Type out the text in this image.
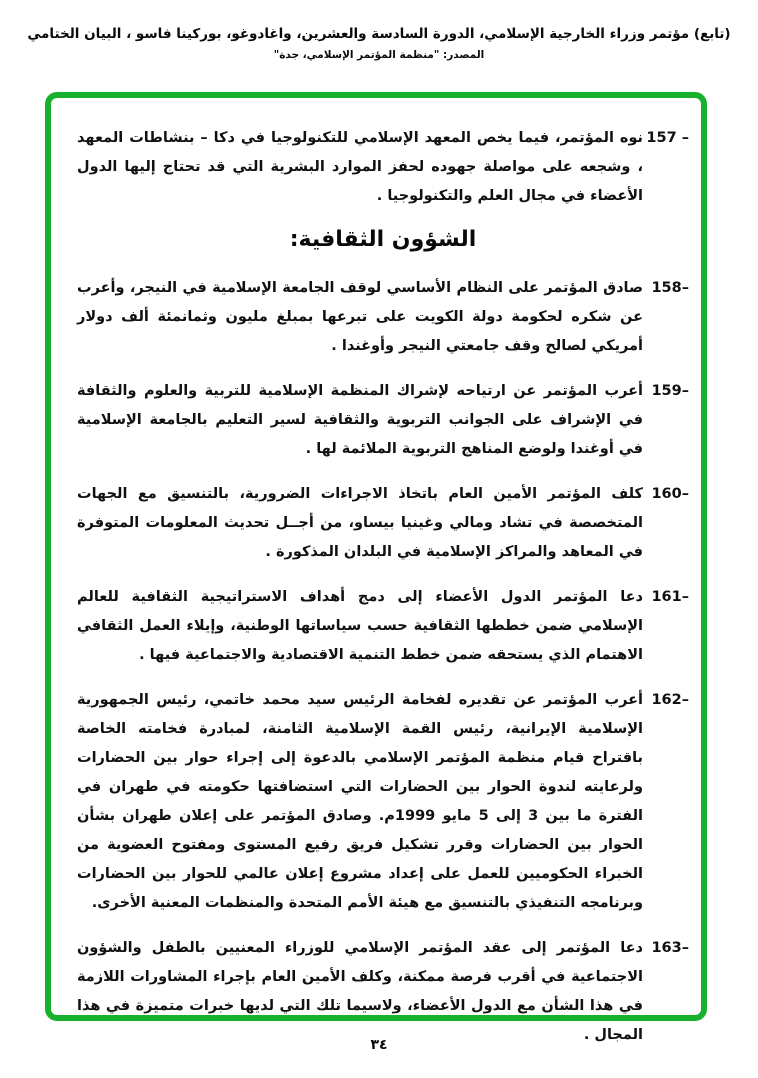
(تابع) مؤتمر وزراء الخارجية الإسلامي، الدورة السادسة والعشرين، واغادوغو، بوركينا فاسو ، البيان الختامي
المصدر: "منظمة المؤتمر الإسلامي، جدة"
157 –
نوه المؤتمر، فيما يخص المعهد الإسلامي للتكنولوجيا في دكا – بنشاطات المعهد ، وشجعه على مواصلة جهوده لحفز الموارد البشرية التي قد تحتاج إليها الدول الأعضاء في مجال العلم والتكنولوجيا .
الشؤون الثقافية:
158–
صادق المؤتمر على النظام الأساسي لوقف الجامعة الإسلامية في النيجر، وأعرب عن شكره لحكومة دولة الكويت على تبرعها بمبلغ مليون وثمانمئة ألف دولار أمريكي لصالح وقف جامعتي النيجر وأوغندا .
159–
أعرب المؤتمر عن ارتياحه لإشراك المنظمة الإسلامية للتربية والعلوم والثقافة في الإشراف على الجوانب التربوية والثقافية لسير التعليم بالجامعة الإسلامية في أوغندا ولوضع المناهج التربوية الملائمة لها .
160–
كلف المؤتمر الأمين العام باتخاذ الاجراءات الضرورية، بالتنسيق مع الجهات المتخصصة في تشاد ومالي وغينيا بيساو، من أجــل تحديث المعلومات المتوفرة في المعاهد والمراكز الإسلامية في البلدان المذكورة .
161–
دعا المؤتمر الدول الأعضاء إلى دمج أهداف الاستراتيجية الثقافية للعالم الإسلامي ضمن خططها الثقافية حسب سياساتها الوطنية، وإيلاء العمل الثقافي الاهتمام الذي يستحقه ضمن خطط التنمية الاقتصادية والاجتماعية فيها .
162–
أعرب المؤتمر عن تقديره لفخامة الرئيس سيد محمد خاتمي، رئيس الجمهورية الإسلامية الإيرانية، رئيس القمة الإسلامية الثامنة، لمبادرة فخامته الخاصة باقتراح قيام منظمة المؤتمر الإسلامي بالدعوة إلى إجراء حوار بين الحضارات ولرعايته لندوة الحوار بين الحضارات التي استضافتها حكومته في طهران في الفترة ما بين 3 إلى 5 مايو 1999م. وصادق المؤتمر على إعلان طهران بشأن الحوار بين الحضارات وقرر تشكيل فريق رفيع المستوى ومفتوح العضوية من الخبراء الحكوميين للعمل على إعداد مشروع إعلان عالمي للحوار بين الحضارات وبرنامجه التنفيذي بالتنسيق مع هيئة الأمم المتحدة والمنظمات المعنية الأخرى.
163–
دعا المؤتمر إلى عقد المؤتمر الإسلامي للوزراء المعنيين بالطفل والشؤون الاجتماعية في أقرب فرصة ممكنة، وكلف الأمين العام بإجراء المشاورات اللازمة في هذا الشأن مع الدول الأعضاء، ولاسيما تلك التي لديها خبرات متميزة في هذا المجال .
٣٤
